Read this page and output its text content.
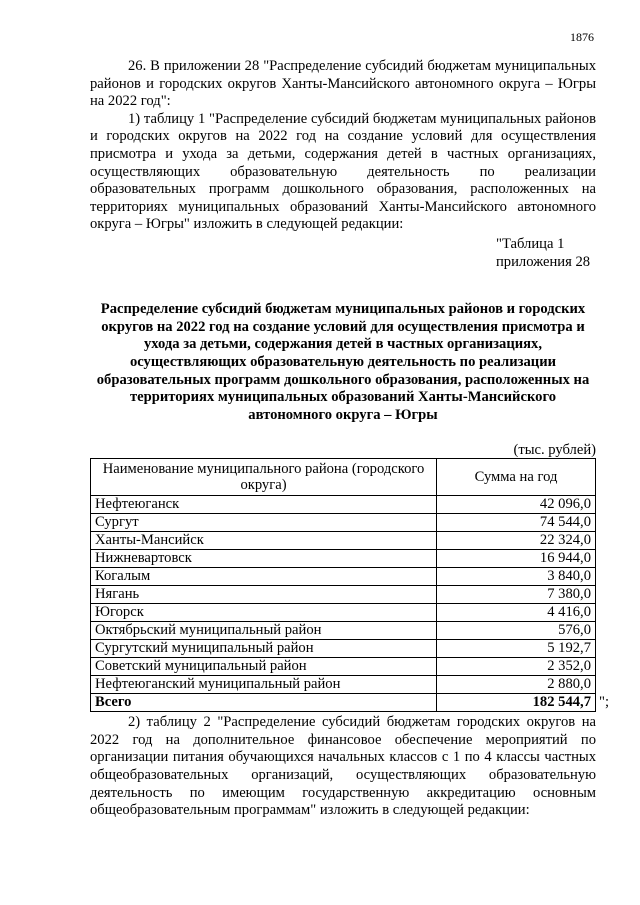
1876

26. В приложении 28 "Распределение субсидий бюджетам муниципальных районов и городских округов Ханты-Мансийского автономного округа – Югры на 2022 год":

1) таблицу 1 "Распределение субсидий бюджетам муниципальных районов и городских округов на 2022 год на создание условий для осуществления присмотра и ухода за детьми, содержания детей в частных организациях, осуществляющих образовательную деятельность по реализации образовательных программ дошкольного образования, расположенных на территориях муниципальных образований Ханты-Мансийского автономного округа – Югры" изложить в следующей редакции:

"Таблица 1
приложения 28
Распределение субсидий бюджетам муниципальных районов и городских округов на 2022 год на создание условий для осуществления присмотра и ухода за детьми, содержания детей в частных организациях, осуществляющих образовательную деятельность по реализации образовательных программ дошкольного образования, расположенных на территориях муниципальных образований Ханты-Мансийского автономного округа – Югры
(тыс. рублей)
Наименование муниципального района (городского округа)	Сумма на год
Нефтеюганск	42 096,0
Сургут	74 544,0
Ханты-Мансийск	22 324,0
Нижневартовск	16 944,0
Когалым	3 840,0
Нягань	7 380,0
Югорск	4 416,0
Октябрьский муниципальный район	576,0
Сургутский муниципальный район	5 192,7
Советский муниципальный район	2 352,0
Нефтеюганский муниципальный район	2 880,0
Всего	182 544,7 ";

2) таблицу 2 "Распределение субсидий бюджетам городских округов на 2022 год на дополнительное финансовое обеспечение мероприятий по организации питания обучающихся начальных классов с 1 по 4 классы частных общеобразовательных организаций, осуществляющих образовательную деятельность по имеющим государственную аккредитацию основным общеобразовательным программам" изложить в следующей редакции:
